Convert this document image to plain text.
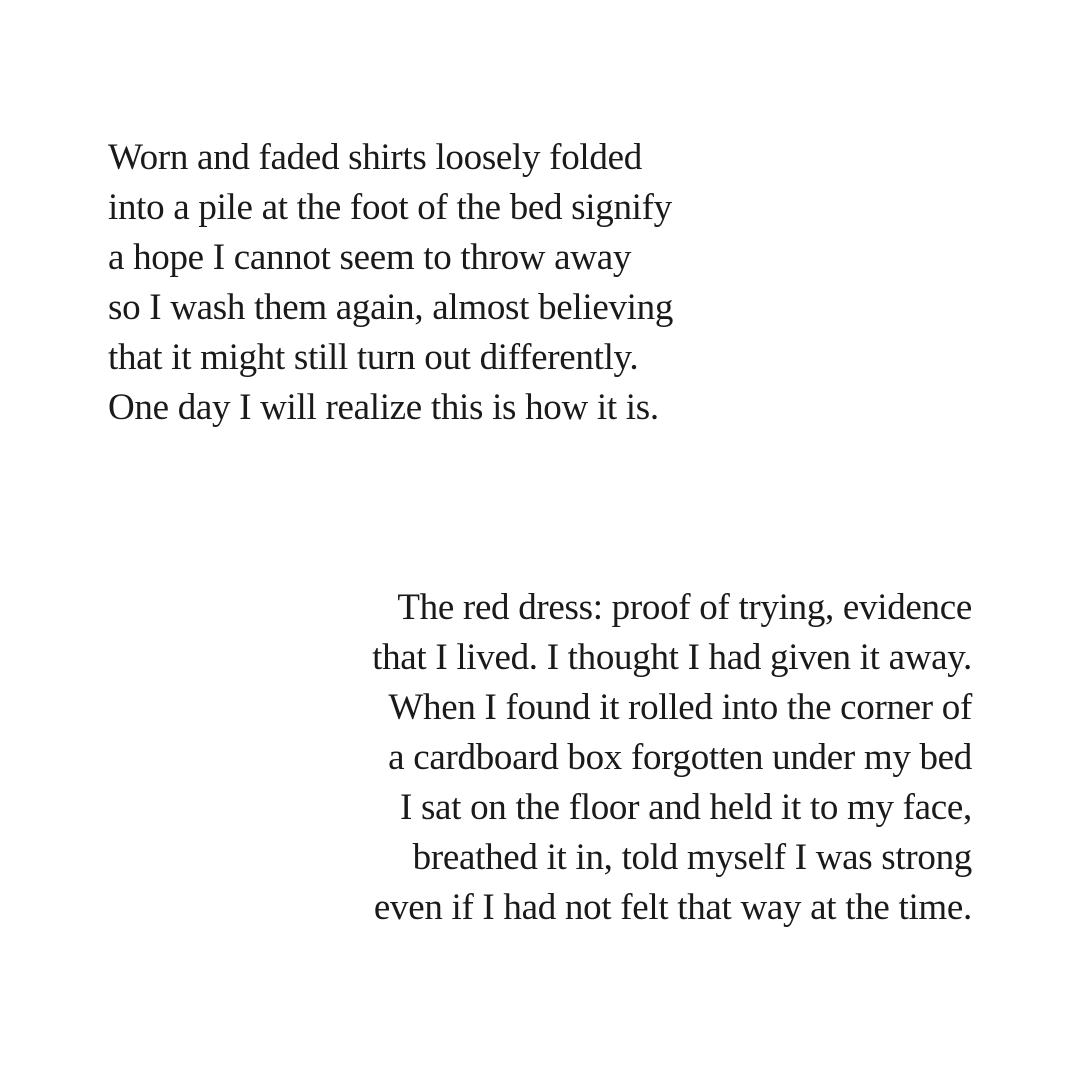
Worn and faded shirts loosely folded
into a pile at the foot of the bed signify
a hope I cannot seem to throw away
so I wash them again, almost believing
that it might still turn out differently.
One day I will realize this is how it is.
The red dress: proof of trying, evidence
that I lived. I thought I had given it away.
When I found it rolled into the corner of
a cardboard box forgotten under my bed
I sat on the floor and held it to my face,
breathed it in, told myself I was strong
even if I had not felt that way at the time.
